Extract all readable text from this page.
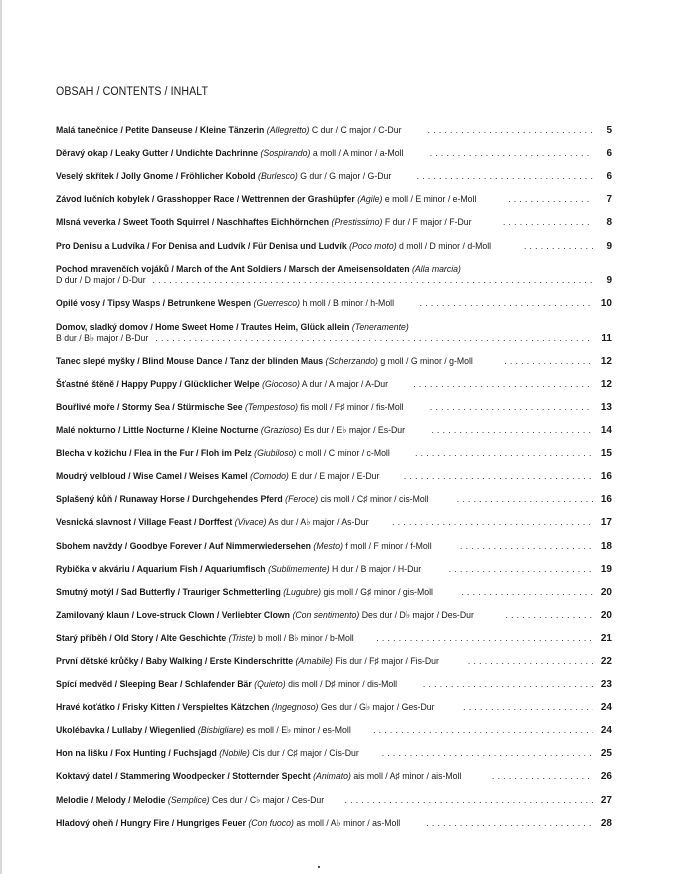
OBSAH / CONTENTS / INHALT
Malá tanečnice / Petite Danseuse / Kleine Tänzerin (Allegretto) C dur / C major / C-Dur . . .	5
Děravý okap / Leaky Gutter / Undichte Dachrinne (Sospirando) a moll / A minor / a-Moll . . .	6
Veselý skřítek / Jolly Gnome / Fröhlicher Kobold (Burlesco) G dur / G major / G-Dur . . .	6
Závod lučních kobylek / Grasshopper Race / Wettrennen der Grashüpfer (Agile) e moll / E minor / e-Moll . . .	7
Mlsná veverka / Sweet Tooth Squirrel / Naschhaftes Eichhörnchen (Prestissimo) F dur / F major / F-Dur . . .	8
Pro Denisu a Ludvíka / For Denisa and Ludvík / Für Denisa und Ludvík (Poco moto) d moll / D minor / d-Moll . . .	9
Pochod mravenčích vojáků / March of the Ant Soldiers / Marsch der Ameisensoldaten (Alla marcia)
D dur / D major / D-Dur . . .	9
Opilé vosy / Tipsy Wasps / Betrunkene Wespen (Guerresco) h moll / B minor / h-Moll . . .	10
Domov, sladký domov / Home Sweet Home / Trautes Heim, Glück allein (Teneramente)
B dur / B♭ major / B-Dur . . .	11
Tanec slepé myšky / Blind Mouse Dance / Tanz der blinden Maus (Scherzando) g moll / G minor / g-Moll . . .	12
Šťastné štěně / Happy Puppy / Glücklicher Welpe (Giocoso) A dur / A major / A-Dur . . .	12
Bouřlivé moře / Stormy Sea / Stürmische See (Tempestoso) fis moll / F♯ minor / fis-Moll . . .	13
Malé nokturno / Little Nocturne / Kleine Nocturne (Grazioso) Es dur / E♭ major / Es-Dur . . .	14
Blecha v kožichu / Flea in the Fur / Floh im Pelz (Giubiloso) c moll / C minor / c-Moll . . .	15
Moudrý velbloud / Wise Camel / Weises Kamel (Comodo) E dur / E major / E-Dur . . .	16
Splašený kůň / Runaway Horse / Durchgehendes Pferd (Feroce) cis moll / C♯ minor / cis-Moll . . .	16
Vesnická slavnost / Village Feast / Dorffest (Vivace) As dur / A♭ major / As-Dur . . .	17
Sbohem navždy / Goodbye Forever / Auf Nimmerwiedersehen (Mesto) f moll / F minor / f-Moll . . .	18
Rybička v akváriu / Aquarium Fish / Aquariumfisch (Sublimemente) H dur / B major / H-Dur . . .	19
Smutný motýl / Sad Butterfly / Trauriger Schmetterling (Lugubre) gis moll / G♯ minor / gis-Moll . . .	20
Zamilovaný klaun / Love-struck Clown / Verliebter Clown (Con sentimento) Des dur / D♭ major / Des-Dur . . .	20
Starý příběh / Old Story / Alte Geschichte (Triste) b moll / B♭ minor / b-Moll . . .	21
První dětské krůčky / Baby Walking / Erste Kinderschritte (Amabile) Fis dur / F♯ major / Fis-Dur . . .	22
Spící medvěd / Sleeping Bear / Schlafender Bär (Quieto) dis moll / D♯ minor / dis-Moll . . .	23
Hravé koťátko / Frisky Kitten / Verspieltes Kätzchen (Ingegnoso) Ges dur / G♭ major / Ges-Dur . . .	24
Ukolébavka / Lullaby / Wiegenlied (Bisbigliare) es moll / E♭ minor / es-Moll . . .	24
Hon na lišku / Fox Hunting / Fuchsjagd (Nobile) Cis dur / C♯ major / Cis-Dur . . .	25
Koktavý datel / Stammering Woodpecker / Stotternder Specht (Animato) ais moll / A♯ minor / ais-Moll . . .	26
Melodie / Melody / Melodie (Semplice) Ces dur / C♭ major / Ces-Dur . . .	27
Hladový oheň / Hungry Fire / Hungriges Feuer (Con fuoco) as moll / A♭ minor / as-Moll . . .	28
